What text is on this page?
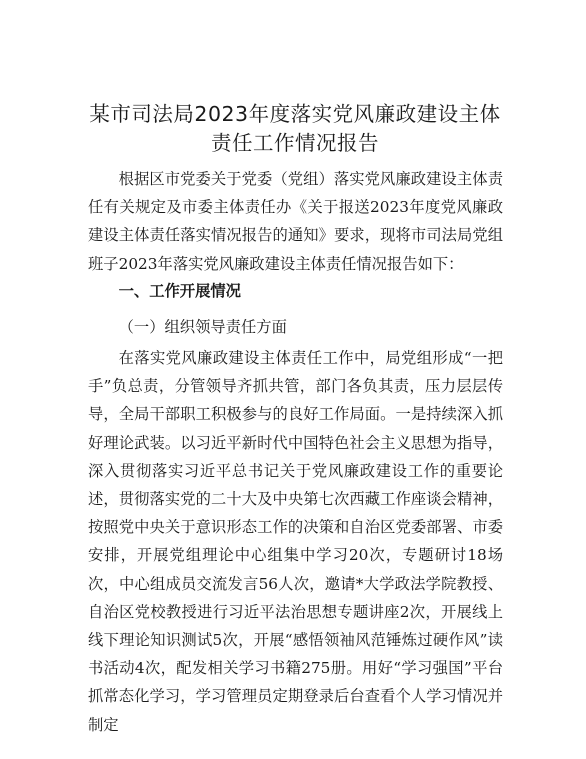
某市司法局2023年度落实党风廉政建设主体责任工作情况报告

根据区市党委关于党委（党组）落实党风廉政建设主体责任有关规定及市委主体责任办《关于报送2023年度党风廉政建设主体责任落实情况报告的通知》要求，现将市司法局党组班子2023年落实党风廉政建设主体责任情况报告如下：

一、工作开展情况

（一）组织领导责任方面

在落实党风廉政建设主体责任工作中，局党组形成“一把手”负总责，分管领导齐抓共管，部门各负其责，压力层层传导，全局干部职工积极参与的良好工作局面。一是持续深入抓好理论武装。以习近平新时代中国特色社会主义思想为指导，深入贯彻落实习近平总书记关于党风廉政建设工作的重要论述，贯彻落实党的二十大及中央第七次西藏工作座谈会精神，按照党中央关于意识形态工作的决策和自治区党委部署、市委安排，开展党组理论中心组集中学习20次，专题研讨18场次，中心组成员交流发言56人次，邀请*大学政法学院教授、自治区党校教授进行习近平法治思想专题讲座2次，开展线上线下理论知识测试5次，开展“感悟领袖风范锤炼过硬作风”读书活动4次，配发相关学习书籍275册。用好“学习强国”平台抓常态化学习，学习管理员定期登录后台查看个人学习情况并制定
